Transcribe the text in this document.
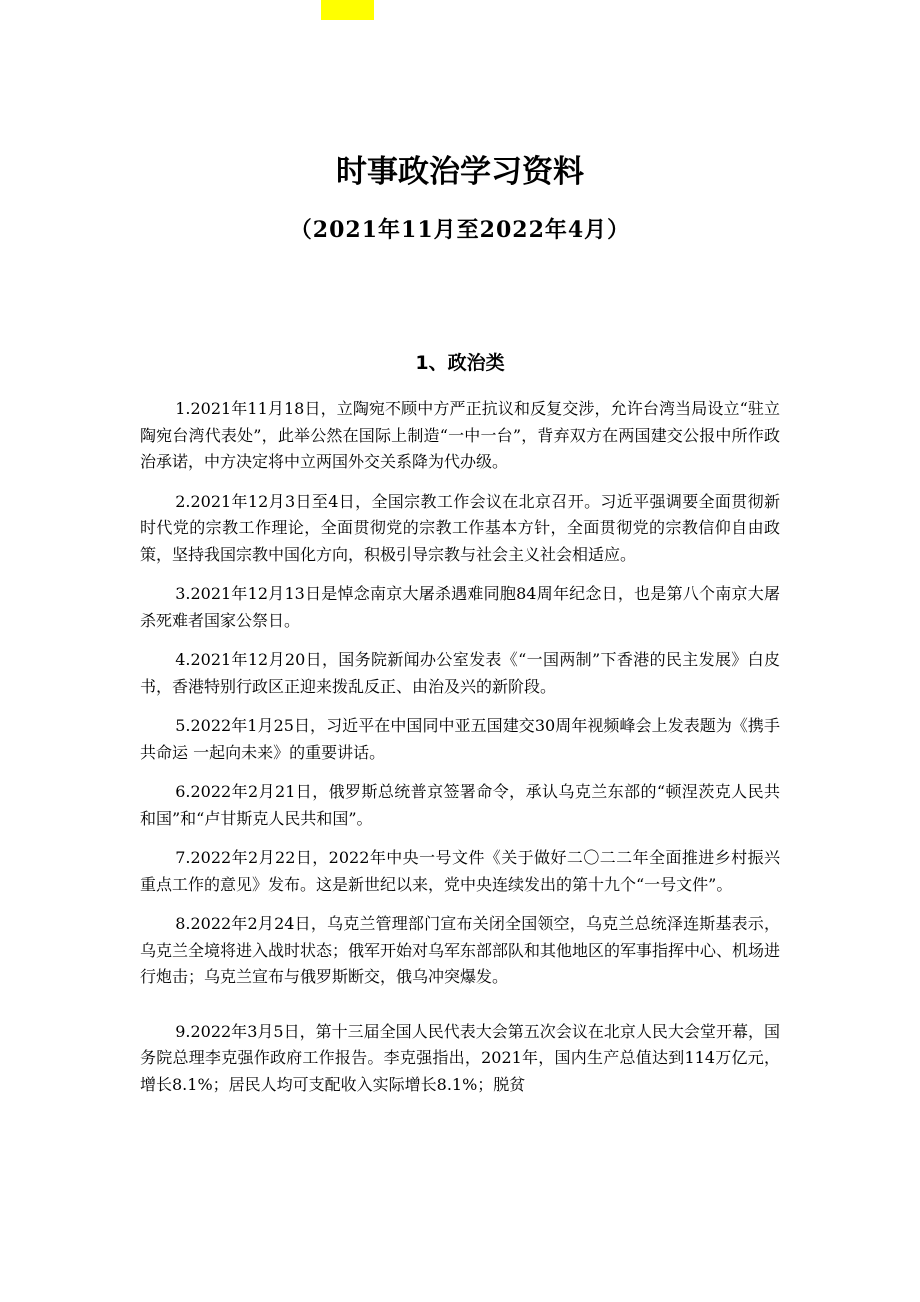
时事政治学习资料
（2021年11月至2022年4月）
1、政治类

1.2021年11月18日，立陶宛不顾中方严正抗议和反复交涉，允许台湾当局设立“驻立陶宛台湾代表处”，此举公然在国际上制造“一中一台”，背弃双方在两国建交公报中所作政治承诺，中方决定将中立两国外交关系降为代办级。

2.2021年12月3日至4日，全国宗教工作会议在北京召开。习近平强调要全面贯彻新时代党的宗教工作理论，全面贯彻党的宗教工作基本方针，全面贯彻党的宗教信仰自由政策，坚持我国宗教中国化方向，积极引导宗教与社会主义社会相适应。

3.2021年12月13日是悼念南京大屠杀遇难同胞84周年纪念日，也是第八个南京大屠杀死难者国家公祭日。

4.2021年12月20日，国务院新闻办公室发表《“一国两制”下香港的民主发展》白皮书，香港特别行政区正迎来拨乱反正、由治及兴的新阶段。

5.2022年1月25日，习近平在中国同中亚五国建交30周年视频峰会上发表题为《携手共命运 一起向未来》的重要讲话。

6.2022年2月21日，俄罗斯总统普京签署命令，承认乌克兰东部的“顿涅茨克人民共和国”和“卢甘斯克人民共和国”。

7.2022年2月22日，2022年中央一号文件《关于做好二〇二二年全面推进乡村振兴重点工作的意见》发布。这是新世纪以来，党中央连续发出的第十九个“一号文件”。

8.2022年2月24日，乌克兰管理部门宣布关闭全国领空，乌克兰总统泽连斯基表示，乌克兰全境将进入战时状态；俄军开始对乌军东部部队和其他地区的军事指挥中心、机场进行炮击；乌克兰宣布与俄罗斯断交，俄乌冲突爆发。

9.2022年3月5日，第十三届全国人民代表大会第五次会议在北京人民大会堂开幕，国务院总理李克强作政府工作报告。李克强指出，2021年，国内生产总值达到114万亿元，增长8.1%；居民人均可支配收入实际增长8.1%；脱贫
